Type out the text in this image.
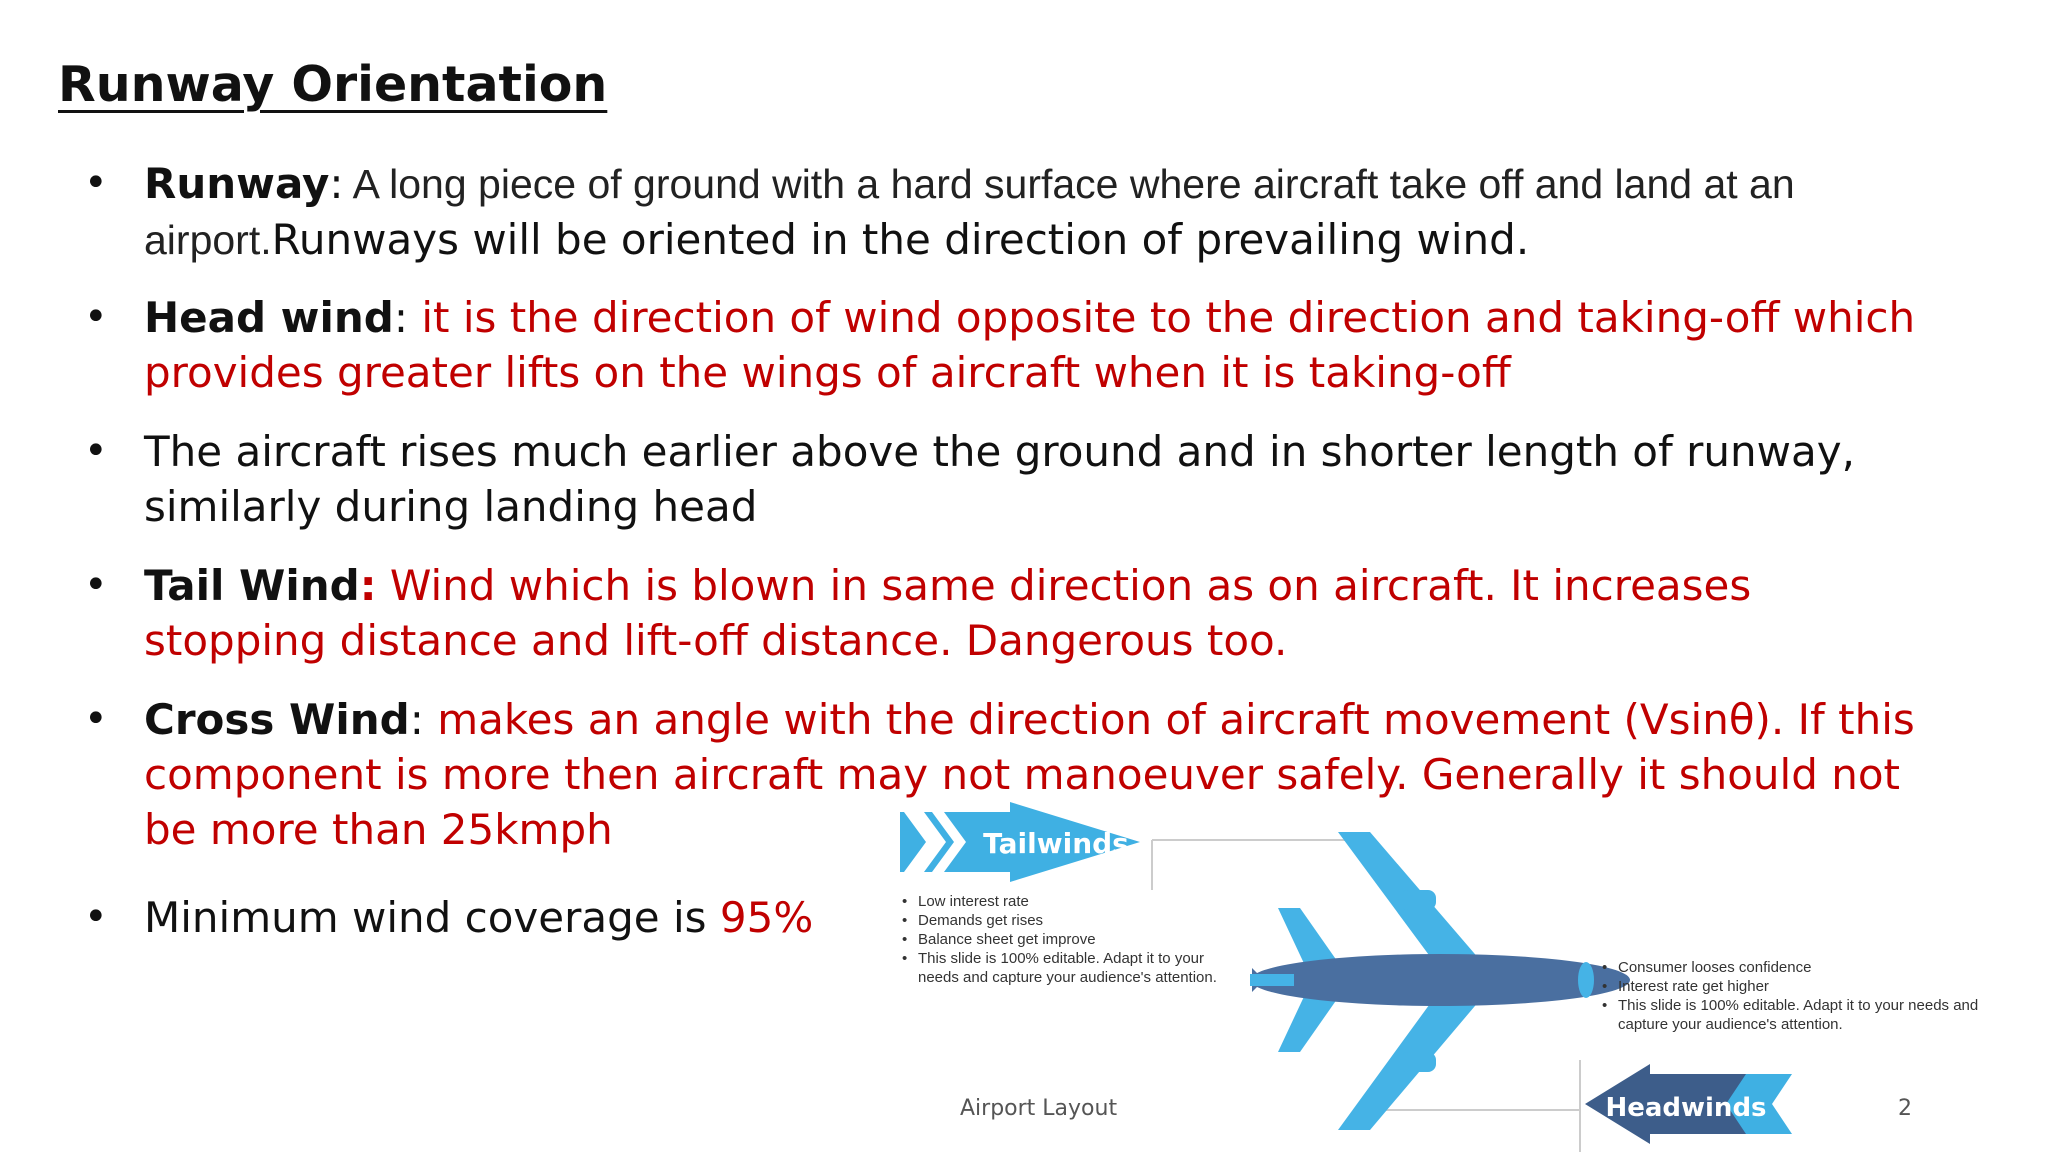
Runway Orientation
• Runway: A long piece of ground with a hard surface where aircraft take off and land at an airport.Runways will be oriented in the direction of prevailing wind.
• Head wind: it is the direction of wind opposite to the direction and taking-off which provides greater lifts on the wings of aircraft when it is taking-off
• The aircraft rises much earlier above the ground and in shorter length of runway, similarly during landing head
• Tail Wind: Wind which is blown in same direction as on aircraft. It increases stopping distance and lift-off distance. Dangerous too.
• Cross Wind: makes an angle with the direction of aircraft movement (Vsinθ). If this component is more then aircraft may not manoeuver safely. Generally it should not be more than 25kmph
• Minimum wind coverage is 95%
Tailwinds
Headwinds
• Low interest rate
• Demands get rises
• Balance sheet get improve
• This slide is 100% editable. Adapt it to your needs and capture your audience's attention.
• Consumer looses confidence
• Interest rate get higher
• This slide is 100% editable. Adapt it to your needs and capture your audience's attention.
Airport Layout	2
